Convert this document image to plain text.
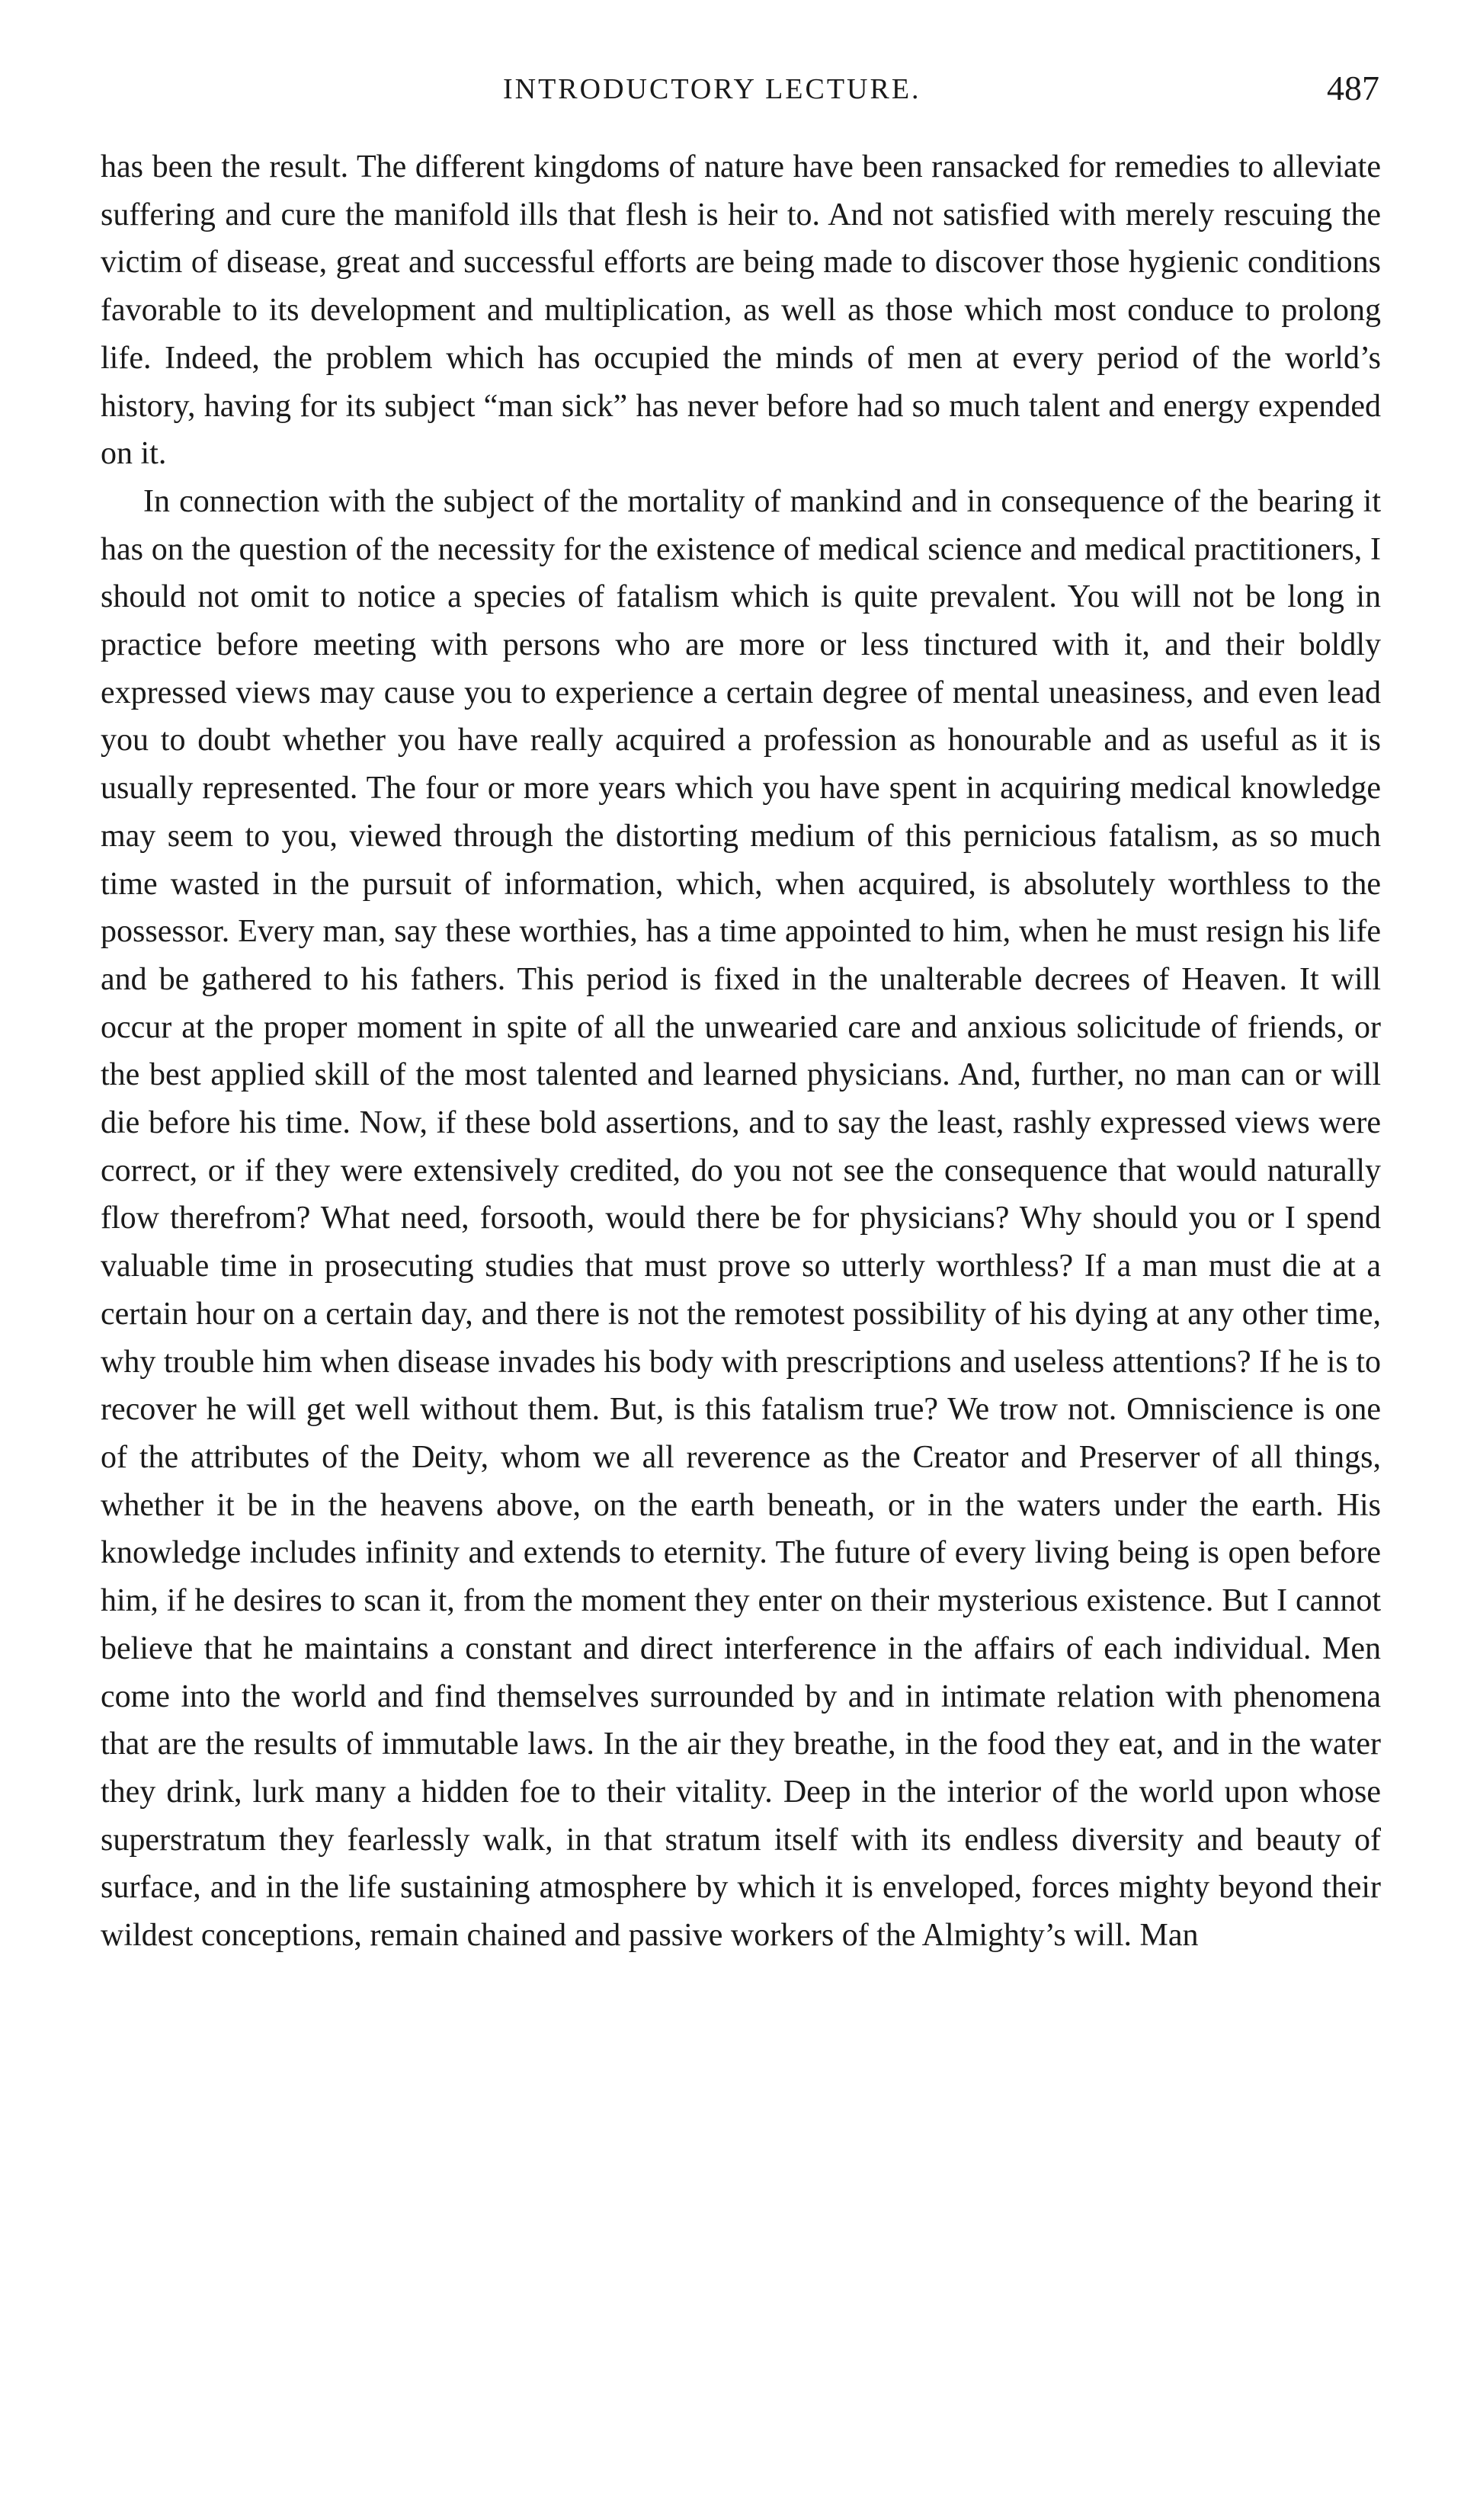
INTRODUCTORY LECTURE.	487

has been the result. The different kingdoms of nature have been ransacked for remedies to alleviate suffering and cure the manifold ills that flesh is heir to. And not satisfied with merely rescuing the victim of disease, great and successful efforts are being made to discover those hygienic conditions favorable to its development and multiplication, as well as those which most conduce to prolong life. Indeed, the problem which has occupied the minds of men at every period of the world’s history, having for its subject “man sick” has never before had so much talent and energy expended on it.

In connection with the subject of the mortality of mankind and in consequence of the bearing it has on the question of the necessity for the existence of medical science and medical practitioners, I should not omit to notice a species of fatalism which is quite prevalent. You will not be long in practice before meeting with persons who are more or less tinctured with it, and their boldly expressed views may cause you to experience a certain degree of mental uneasiness, and even lead you to doubt whether you have really acquired a profession as honourable and as useful as it is usually represented. The four or more years which you have spent in acquiring medical knowledge may seem to you, viewed through the distorting medium of this pernicious fatalism, as so much time wasted in the pursuit of information, which, when acquired, is absolutely worthless to the possessor. Every man, say these worthies, has a time appointed to him, when he must resign his life and be gathered to his fathers. This period is fixed in the unalterable decrees of Heaven. It will occur at the proper moment in spite of all the unwearied care and anxious solicitude of friends, or the best applied skill of the most talented and learned physicians. And, further, no man can or will die before his time. Now, if these bold assertions, and to say the least, rashly expressed views were correct, or if they were extensively credited, do you not see the consequence that would naturally flow therefrom? What need, forsooth, would there be for physicians? Why should you or I spend valuable time in prosecuting studies that must prove so utterly worthless? If a man must die at a certain hour on a certain day, and there is not the remotest possibility of his dying at any other time, why trouble him when disease invades his body with prescriptions and useless attentions? If he is to recover he will get well without them. But, is this fatalism true? We trow not. Omniscience is one of the attributes of the Deity, whom we all reverence as the Creator and Preserver of all things, whether it be in the heavens above, on the earth beneath, or in the waters under the earth. His knowledge includes infinity and extends to eternity. The future of every living being is open before him, if he desires to scan it, from the moment they enter on their mysterious existence. But I cannot believe that he maintains a constant and direct interference in the affairs of each individual. Men come into the world and find themselves surrounded by and in intimate relation with phenomena that are the results of immutable laws. In the air they breathe, in the food they eat, and in the water they drink, lurk many a hidden foe to their vitality. Deep in the interior of the world upon whose superstratum they fearlessly walk, in that stratum itself with its endless diversity and beauty of surface, and in the life sustaining atmosphere by which it is enveloped, forces mighty beyond their wildest conceptions, remain chained and passive workers of the Almighty’s will. Man
